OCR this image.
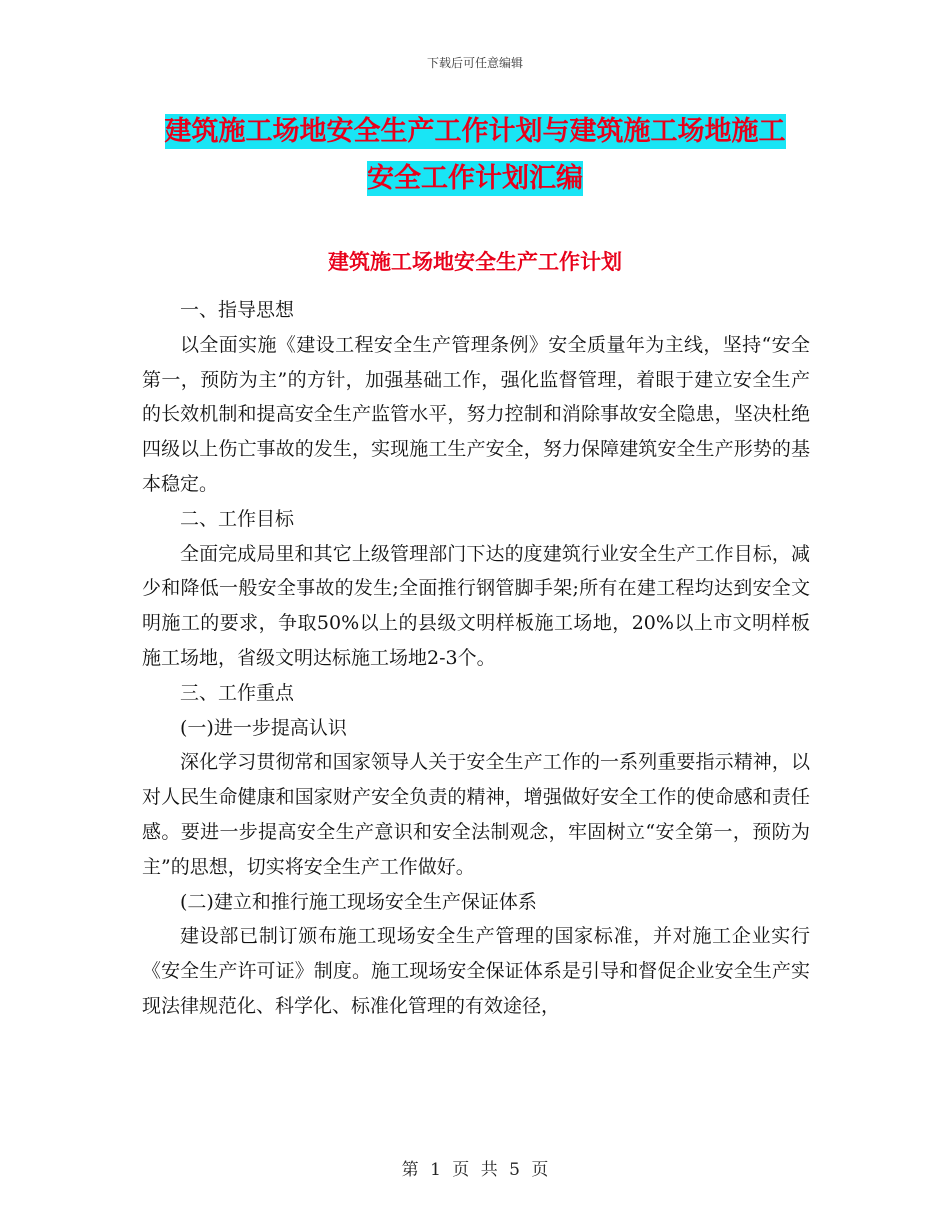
下载后可任意编辑
建筑施工场地安全生产工作计划与建筑施工场地施工
安全工作计划汇编
建筑施工场地安全生产工作计划

一、指导思想

以全面实施《建设工程安全生产管理条例》安全质量年为主线，坚持“安全第一，预防为主”的方针，加强基础工作，强化监督管理，着眼于建立安全生产的长效机制和提高安全生产监管水平，努力控制和消除事故安全隐患，坚决杜绝四级以上伤亡事故的发生，实现施工生产安全，努力保障建筑安全生产形势的基本稳定。

二、工作目标

全面完成局里和其它上级管理部门下达的度建筑行业安全生产工作目标，减少和降低一般安全事故的发生;全面推行钢管脚手架;所有在建工程均达到安全文明施工的要求，争取50%以上的县级文明样板施工场地，20%以上市文明样板施工场地，省级文明达标施工场地2-3个。

三、工作重点

(一)进一步提高认识

深化学习贯彻常和国家领导人关于安全生产工作的一系列重要指示精神，以对人民生命健康和国家财产安全负责的精神，增强做好安全工作的使命感和责任感。要进一步提高安全生产意识和安全法制观念，牢固树立“安全第一，预防为主”的思想，切实将安全生产工作做好。

(二)建立和推行施工现场安全生产保证体系

建设部已制订颁布施工现场安全生产管理的国家标准，并对施工企业实行《安全生产许可证》制度。施工现场安全保证体系是引导和督促企业安全生产实现法律规范化、科学化、标准化管理的有效途径，

第 1 页 共 5 页
